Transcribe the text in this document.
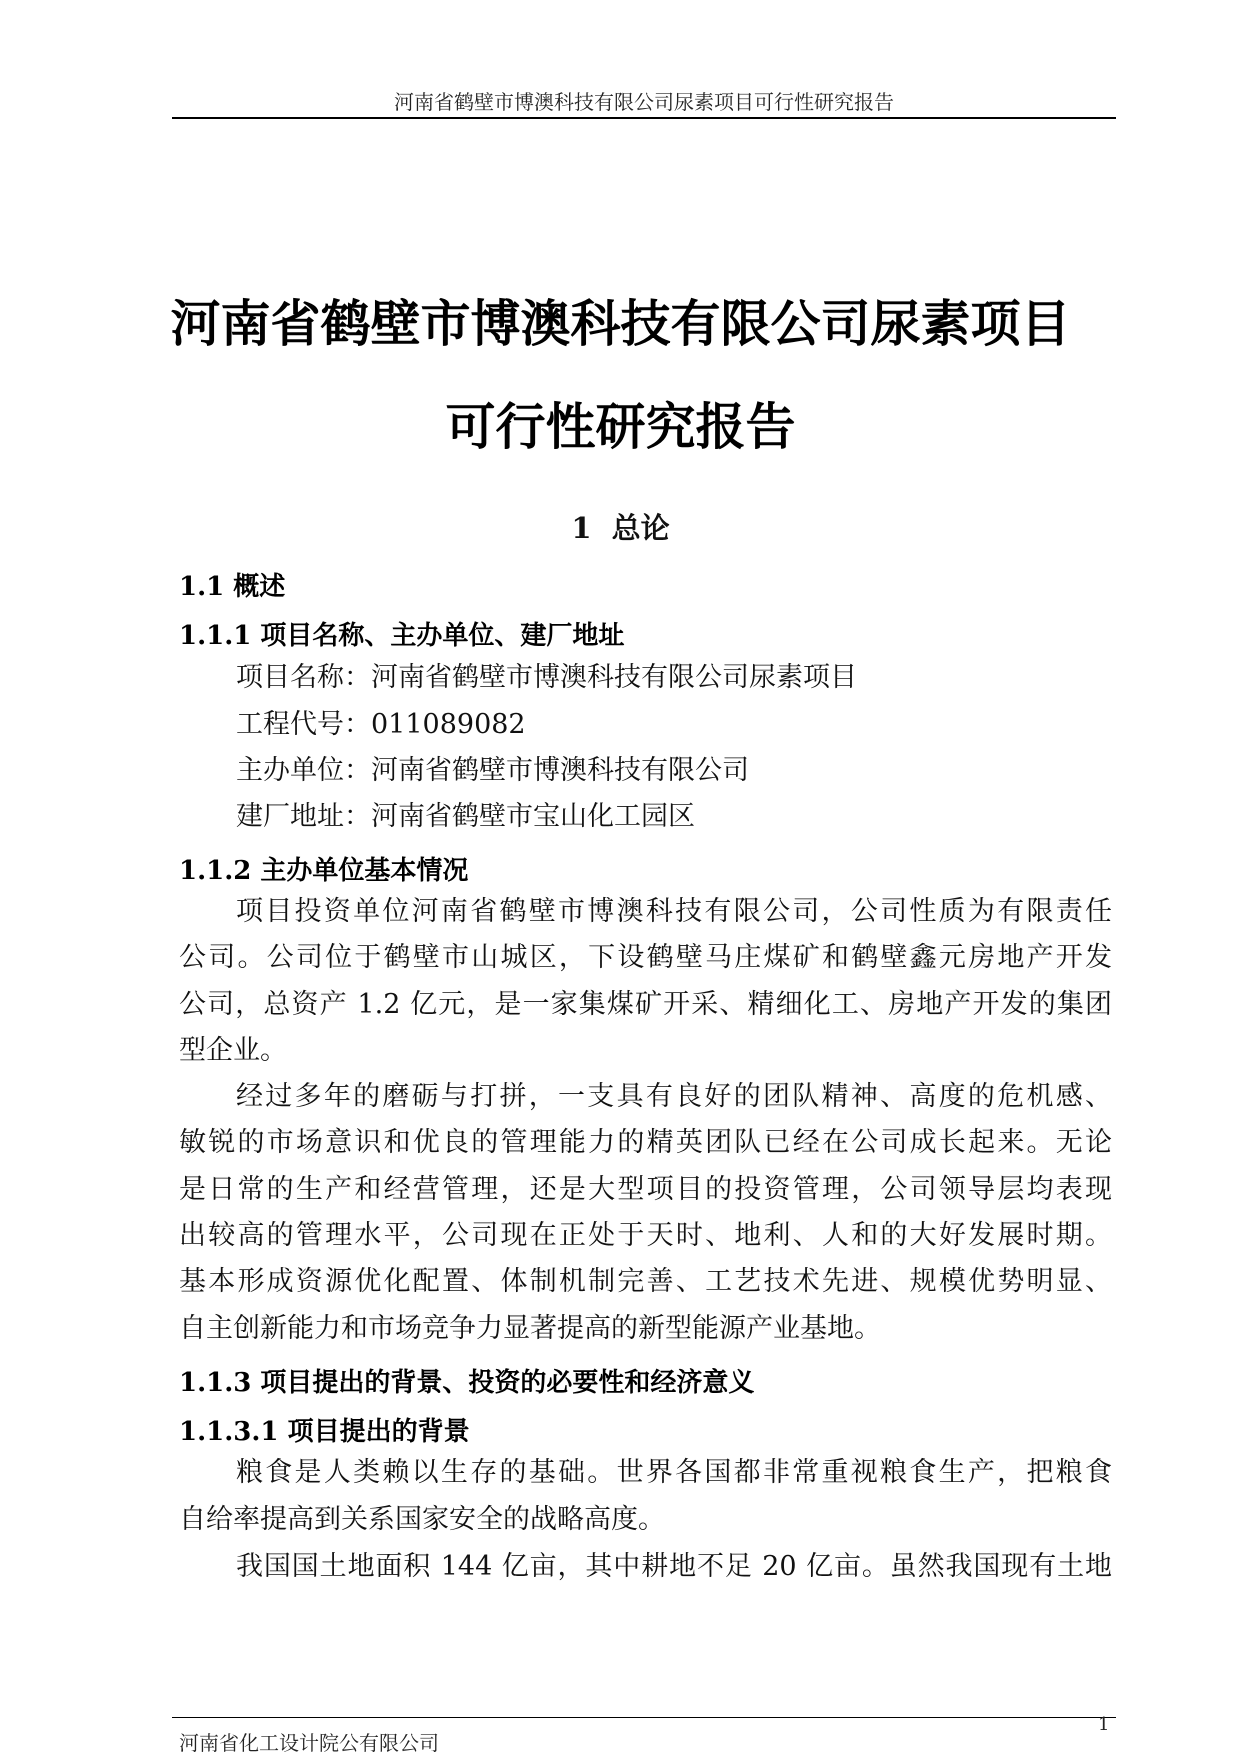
河南省鹤壁市博澳科技有限公司尿素项目可行性研究报告
河南省鹤壁市博澳科技有限公司尿素项目
可行性研究报告
1  总论
1.1 概述
1.1.1 项目名称、主办单位、建厂地址
项目名称：河南省鹤壁市博澳科技有限公司尿素项目
工程代号：011089082
主办单位：河南省鹤壁市博澳科技有限公司
建厂地址：河南省鹤壁市宝山化工园区
1.1.2 主办单位基本情况
项目投资单位河南省鹤壁市博澳科技有限公司，公司性质为有限责任
公司。公司位于鹤壁市山城区，下设鹤壁马庄煤矿和鹤壁鑫元房地产开发
公司，总资产 1.2 亿元，是一家集煤矿开采、精细化工、房地产开发的集团
型企业。
经过多年的磨砺与打拼，一支具有良好的团队精神、高度的危机感、
敏锐的市场意识和优良的管理能力的精英团队已经在公司成长起来。无论
是日常的生产和经营管理，还是大型项目的投资管理，公司领导层均表现
出较高的管理水平，公司现在正处于天时、地利、人和的大好发展时期。
基本形成资源优化配置、体制机制完善、工艺技术先进、规模优势明显、
自主创新能力和市场竞争力显著提高的新型能源产业基地。
1.1.3 项目提出的背景、投资的必要性和经济意义
1.1.3.1 项目提出的背景
粮食是人类赖以生存的基础。世界各国都非常重视粮食生产，把粮食
自给率提高到关系国家安全的战略高度。
我国国土地面积 144 亿亩，其中耕地不足 20 亿亩。虽然我国现有土地
河南省化工设计院公有限公司
1
